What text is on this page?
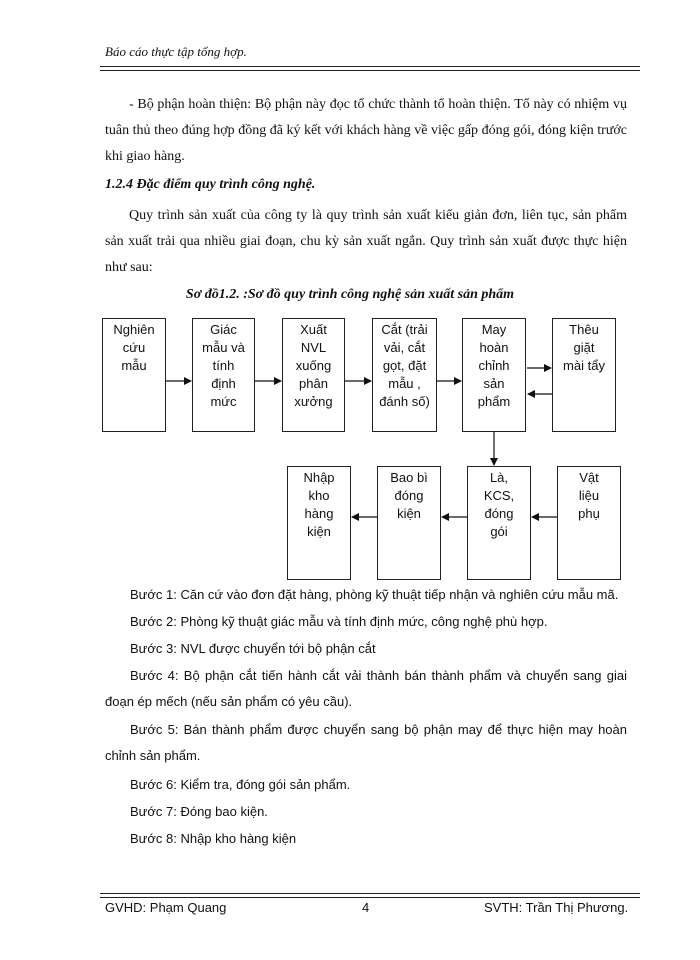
Báo cáo thực tập tổng hợp.
- Bộ phận hoàn thiện: Bộ phận này đọc tổ chức thành tổ hoàn thiện. Tổ này có nhiệm vụ tuân thủ theo đúng hợp đồng đã ký kết với khách hàng về việc gấp đóng gói, đóng kiện trước khi giao hàng.
1.2.4 Đặc điểm quy trình công nghệ.
Quy trình sản xuất của công ty là quy trình sản xuất kiểu giản đơn, liên tục, sản phẩm sản xuất trải qua nhiều giai đoạn, chu kỳ sản xuất ngắn. Quy trình sản xuất được thực hiện như sau:
Sơ đồ1.2. :Sơ đồ quy trình công nghệ sản xuất sản phẩm
Nghiên
cứu
mẫu
Giác
mẫu và
tính
định
mức
Xuất
NVL
xuống
phân
xưởng
Cắt (trải
vải, cắt
gọt, đặt
mẫu ,
đánh số)
May
hoàn
chỉnh
sản
phẩm
Thêu
giặt
mài tẩy
Nhập
kho
hàng
kiện
Bao bì
đóng
kiện
Là,
KCS,
đóng
gói
Vật
liệu
phụ
Bước 1: Căn cứ vào đơn đặt hàng, phòng kỹ thuật tiếp nhận và nghiên cứu mẫu mã.
Bước 2: Phòng kỹ thuật giác mẫu và tính định mức, công nghệ phù hợp.
Bước 3: NVL được chuyển tới bộ phận cắt
Bước 4: Bộ phận cắt tiến hành cắt vải thành bán thành phẩm và chuyển sang giai đoạn ép mếch (nếu sản phẩm có yêu cầu).
Bước 5: Bán thành phẩm được chuyển sang bộ phận may để thực hiện may hoàn chỉnh sản phẩm.
Bước 6: Kiểm tra, đóng gói sản phẩm.
Bước 7: Đóng bao kiện.
Bước 8: Nhập kho hàng kiện
GVHD: Phạm Quang	4	SVTH: Trần Thị Phương.
